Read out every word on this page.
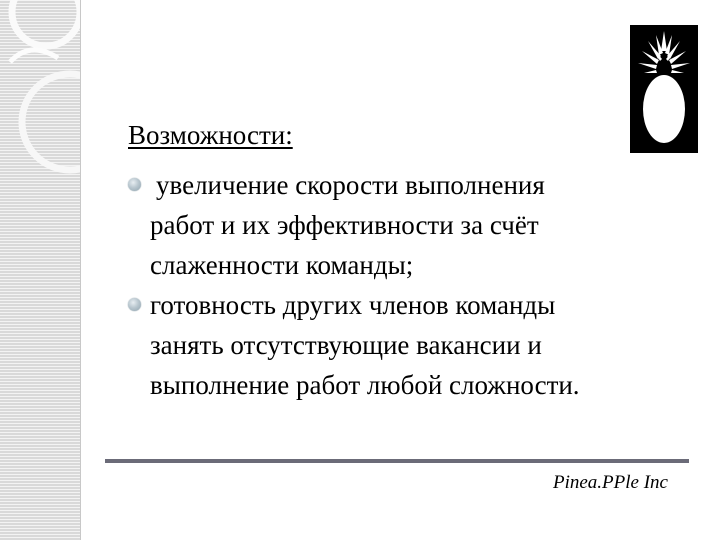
Возможности:
увеличение скорости выполнения
работ и их эффективности за счёт
слаженности команды;
готовность других членов команды
занять отсутствующие вакансии и
выполнение работ любой сложности.
Pinea.PPle Inc
